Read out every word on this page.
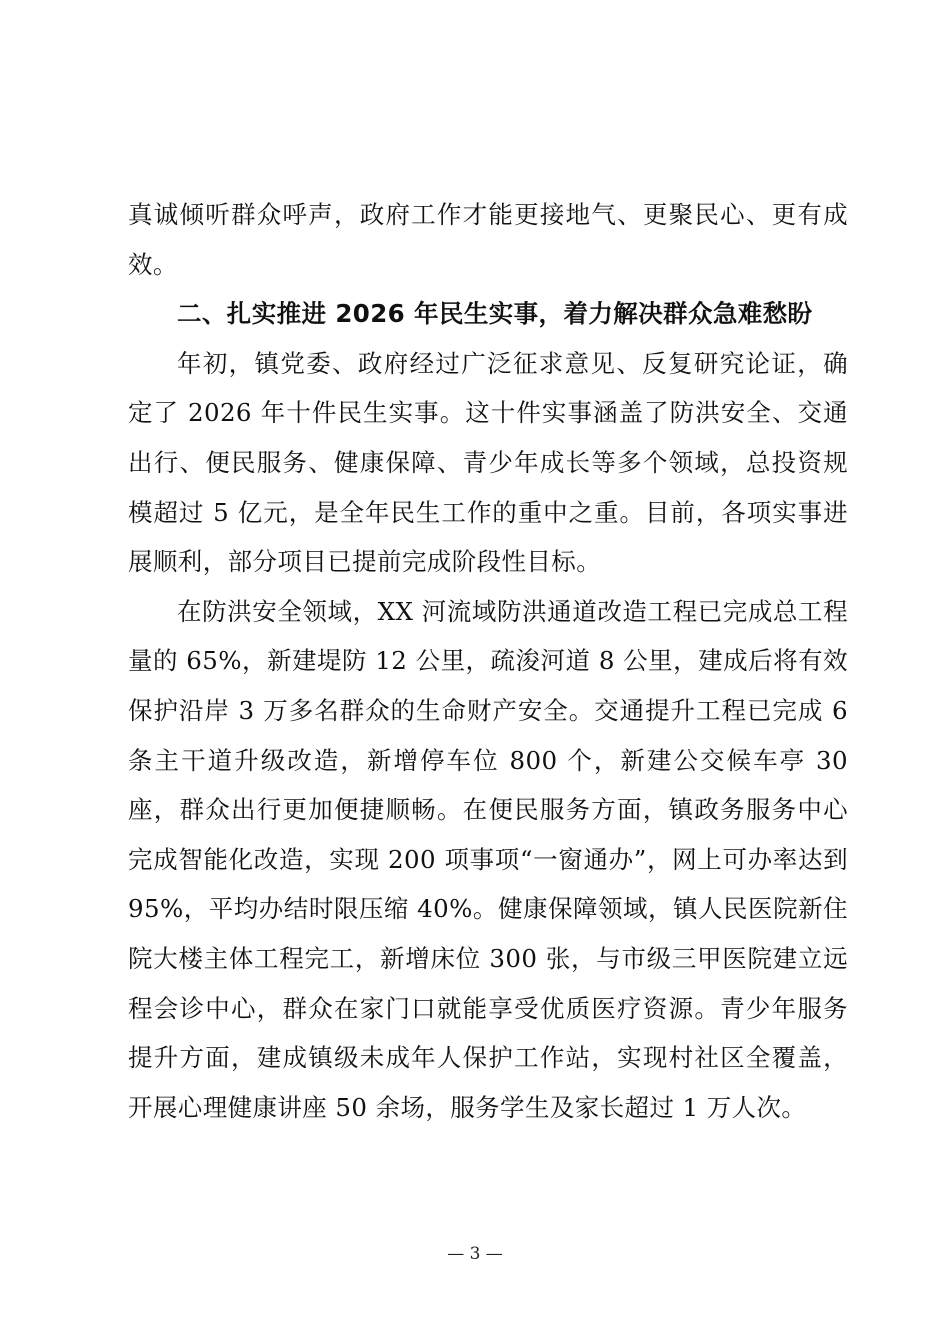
真诚倾听群众呼声，政府工作才能更接地气、更聚民心、更有成效。

二、扎实推进 2026 年民生实事，着力解决群众急难愁盼

年初，镇党委、政府经过广泛征求意见、反复研究论证，确定了 2026 年十件民生实事。这十件实事涵盖了防洪安全、交通出行、便民服务、健康保障、青少年成长等多个领域，总投资规模超过 5 亿元，是全年民生工作的重中之重。目前，各项实事进展顺利，部分项目已提前完成阶段性目标。

在防洪安全领域，XX 河流域防洪通道改造工程已完成总工程量的 65%，新建堤防 12 公里，疏浚河道 8 公里，建成后将有效保护沿岸 3 万多名群众的生命财产安全。交通提升工程已完成 6 条主干道升级改造，新增停车位 800 个，新建公交候车亭 30 座，群众出行更加便捷顺畅。在便民服务方面，镇政务服务中心完成智能化改造，实现 200 项事项“一窗通办”，网上可办率达到 95%，平均办结时限压缩 40%。健康保障领域，镇人民医院新住院大楼主体工程完工，新增床位 300 张，与市级三甲医院建立远程会诊中心，群众在家门口就能享受优质医疗资源。青少年服务提升方面，建成镇级未成年人保护工作站，实现村社区全覆盖，开展心理健康讲座 50 余场，服务学生及家长超过 1 万人次。

— 3 —
